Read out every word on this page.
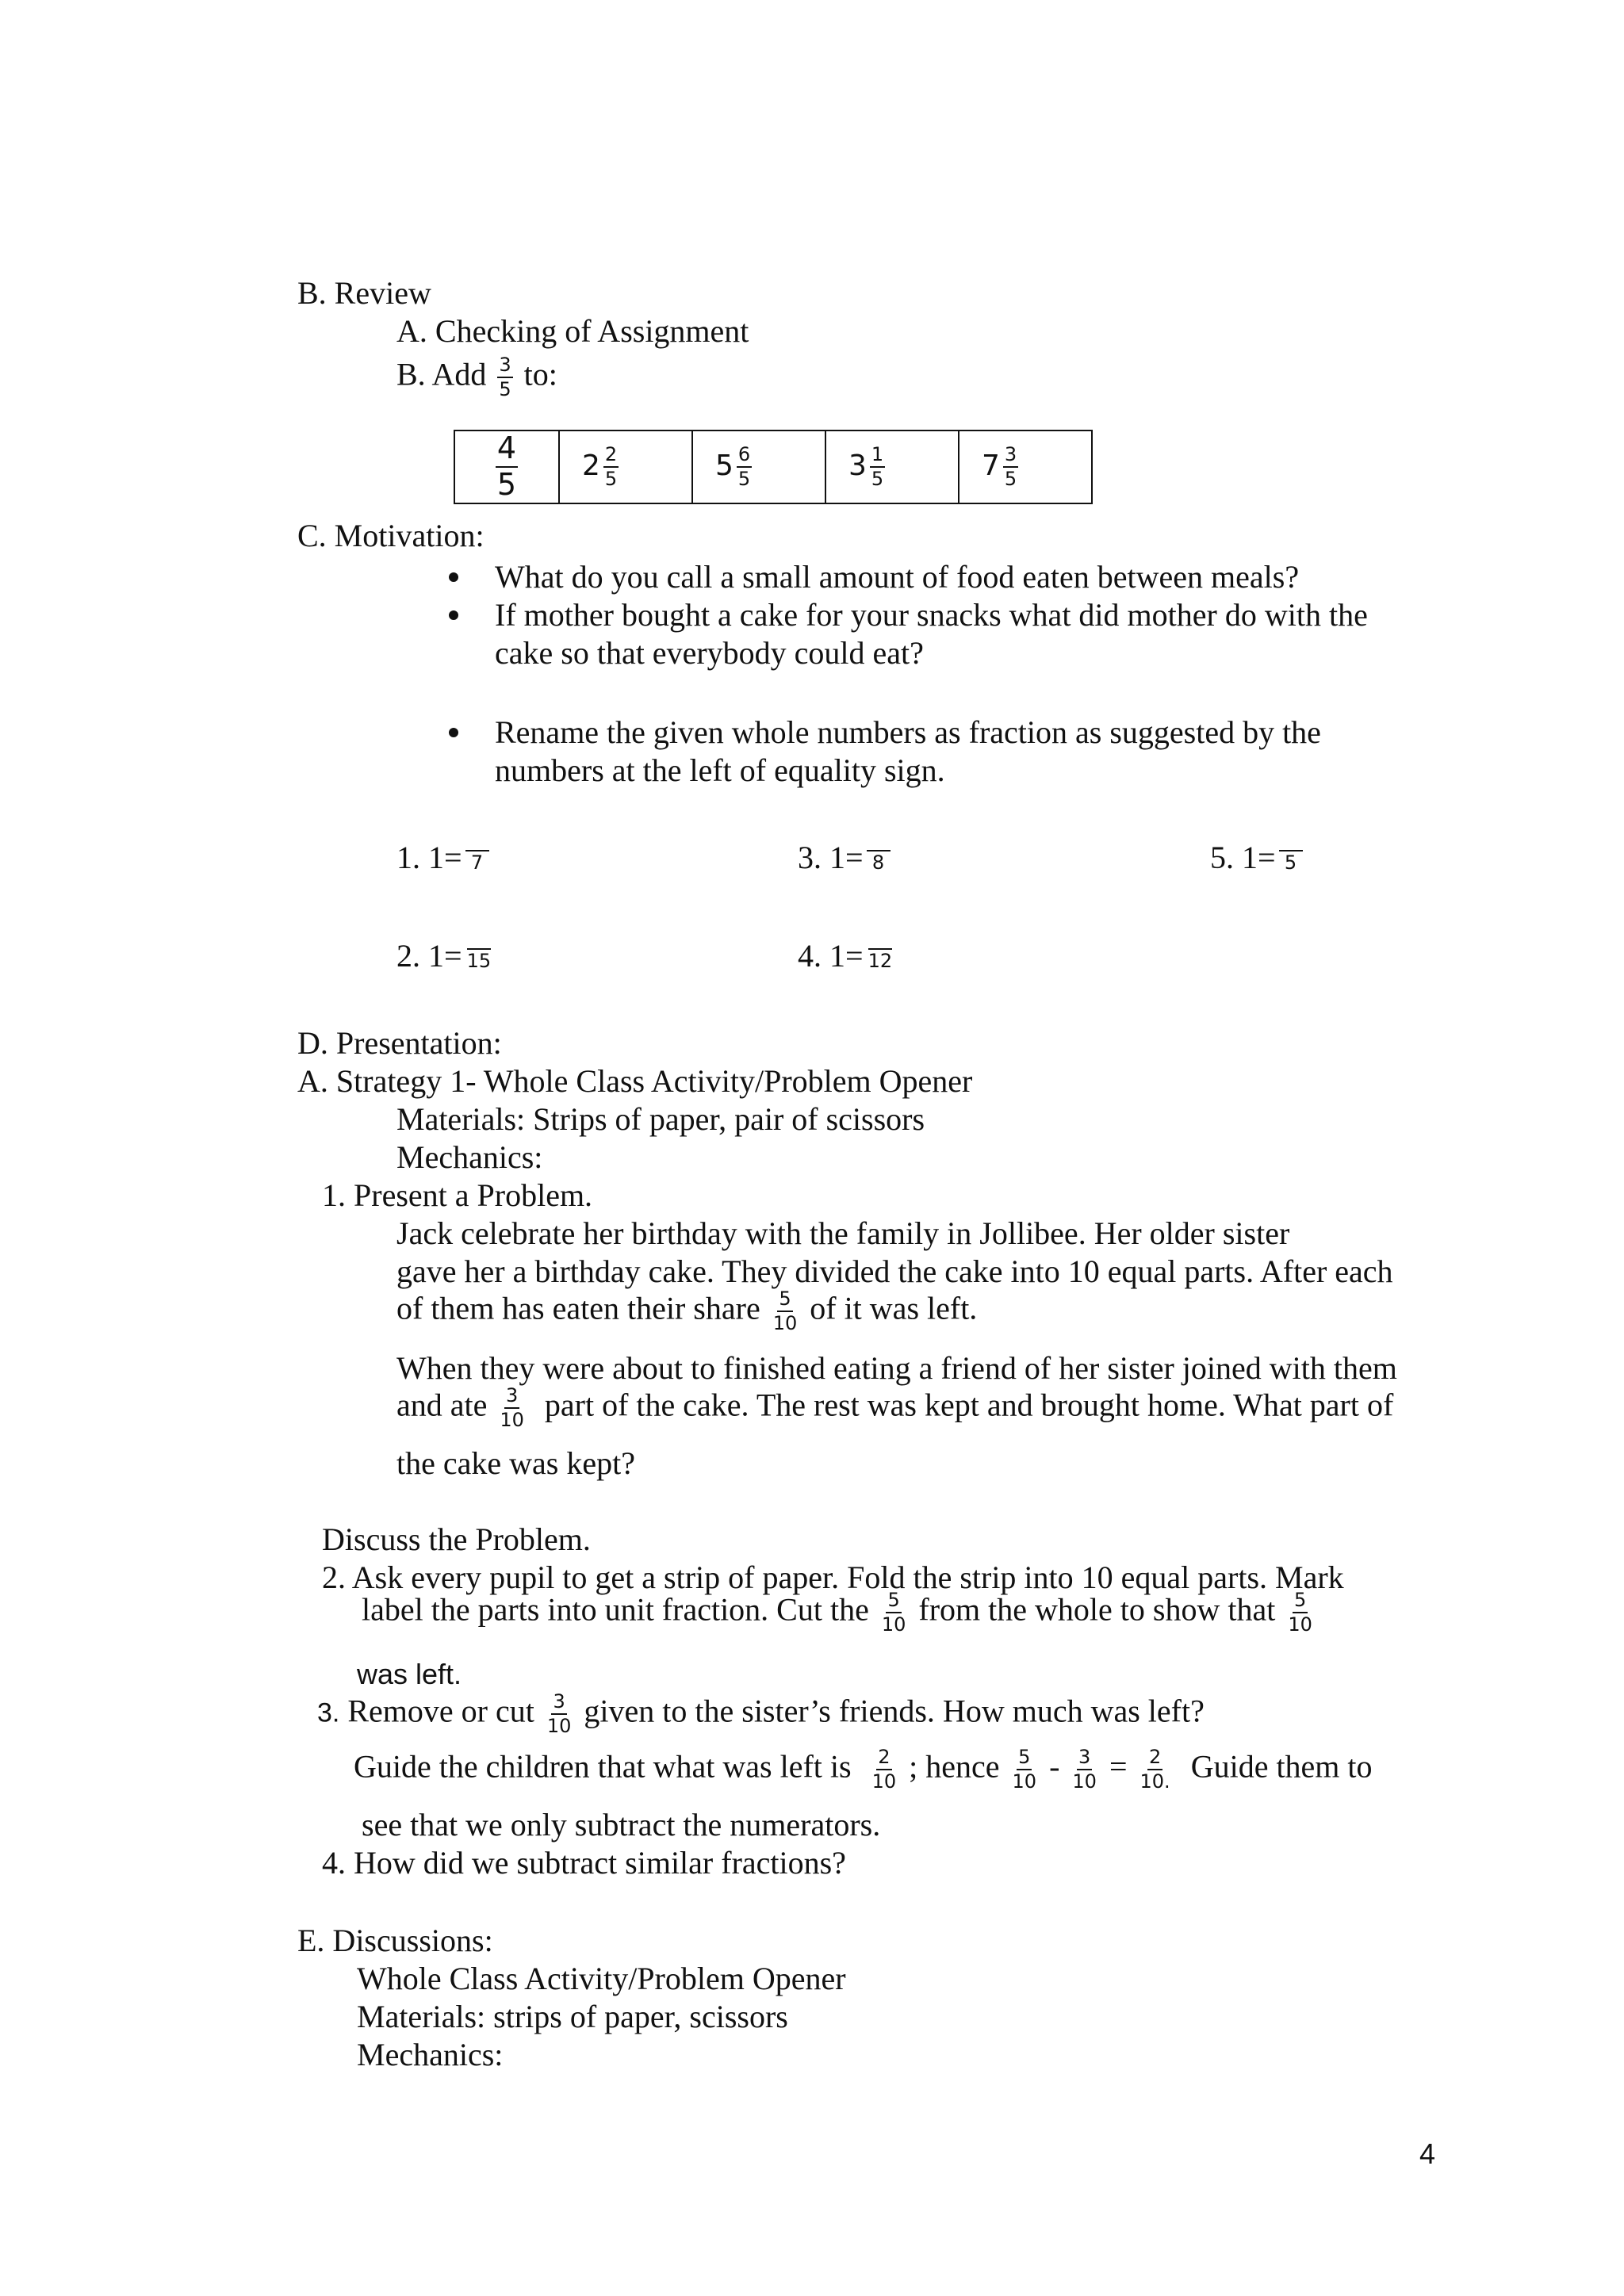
B. Review
A. Checking of Assignment
B. Add $\frac{3}{5}$ to:
$\frac{4}{5}$	$2 \frac{2}{5}$	$5 \frac{6}{5}$	$3 \frac{1}{5}$	$7 \frac{3}{5}$
C. Motivation:
What do you call a small amount of food eaten between meals?
If mother bought a cake for your snacks what did mother do with the
cake so that everybody could eat?
Rename the given whole numbers as fraction as suggested by the
numbers at the left of equality sign.
1. 1= 7	3. 1= 8	5. 1= 5
2. 1= 15	4. 1= 12
D. Presentation:
A. Strategy 1- Whole Class Activity/Problem Opener
Materials: Strips of paper, pair of scissors
Mechanics:
1. Present a Problem.
Jack celebrate her birthday with the family in Jollibee. Her older sister
gave her a birthday cake. They divided the cake into 10 equal parts. After each
of them has eaten their share $\frac{5}{10}$ of it was left.
When they were about to finished eating a friend of her sister joined with them
and ate $\frac{3}{10}$ part of the cake. The rest was kept and brought home. What part of
the cake was kept?
Discuss the Problem.
2. Ask every pupil to get a strip of paper. Fold the strip into 10 equal parts. Mark
label the parts into unit fraction. Cut the $\frac{5}{10}$ from the whole to show that $\frac{5}{10}$
was left.
3. Remove or cut $\frac{3}{10}$ given to the sister’s friends. How much was left?
Guide the children that what was left is $\frac{2}{10}$ ; hence $\frac{5}{10} - \frac{3}{10} = \frac{2}{10.}$ Guide them to
see that we only subtract the numerators.
4. How did we subtract similar fractions?
E. Discussions:
Whole Class Activity/Problem Opener
Materials: strips of paper, scissors
Mechanics:
4
